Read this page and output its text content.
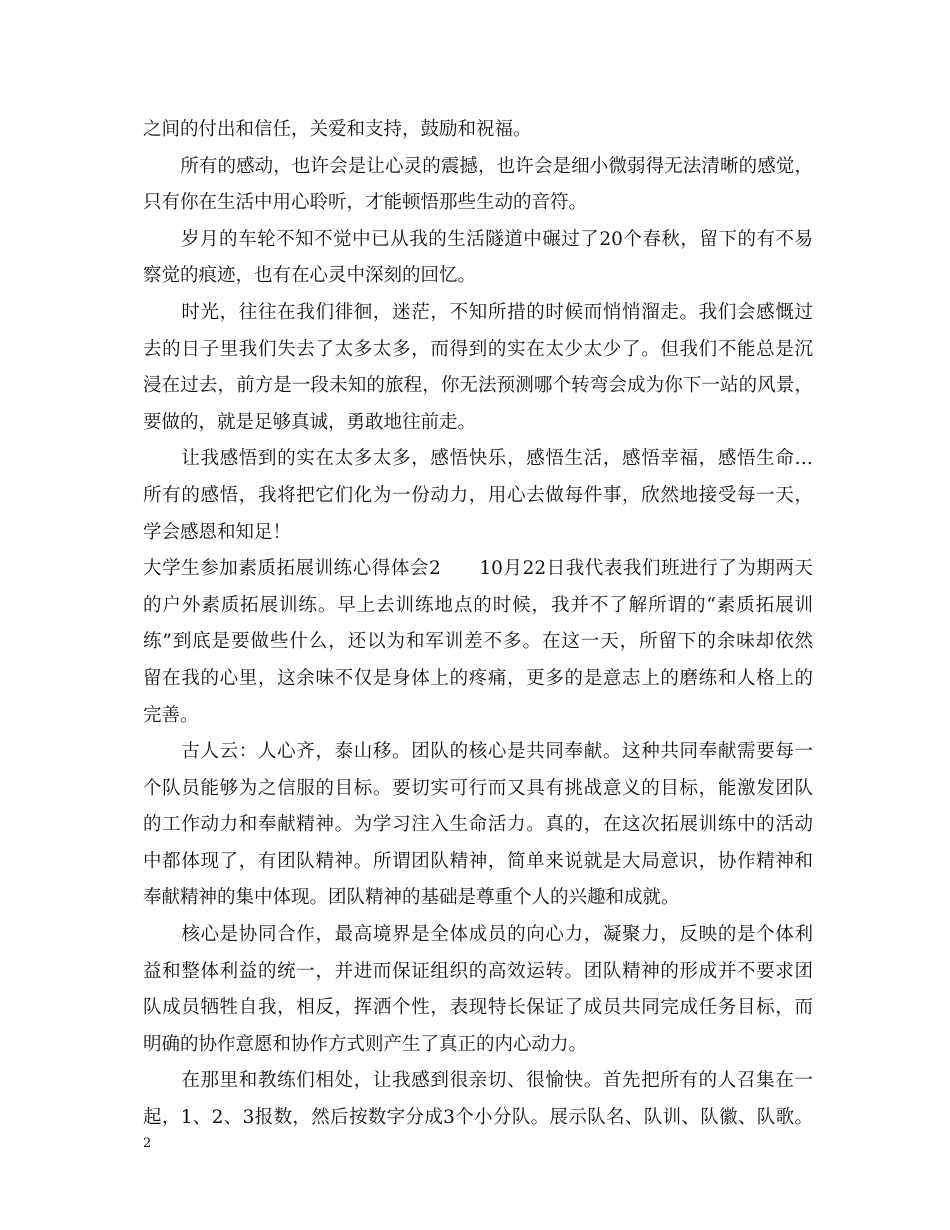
之间的付出和信任，关爱和支持，鼓励和祝福。
　　所有的感动，也许会是让心灵的震撼，也许会是细小微弱得无法清晰的感觉，
只有你在生活中用心聆听，才能顿悟那些生动的音符。
　　岁月的车轮不知不觉中已从我的生活隧道中碾过了20个春秋，留下的有不易
察觉的痕迹，也有在心灵中深刻的回忆。
　　时光，往往在我们徘徊，迷茫，不知所措的时候而悄悄溜走。我们会感慨过
去的日子里我们失去了太多太多，而得到的实在太少太少了。但我们不能总是沉
浸在过去，前方是一段未知的旅程，你无法预测哪个转弯会成为你下一站的风景，
要做的，就是足够真诚，勇敢地往前走。
　　让我感悟到的实在太多太多，感悟快乐，感悟生活，感悟幸福，感悟生命…
所有的感悟，我将把它们化为一份动力，用心去做每件事，欣然地接受每一天，
学会感恩和知足！
大学生参加素质拓展训练心得体会2　　10月22日我代表我们班进行了为期两天
的户外素质拓展训练。早上去训练地点的时候，我并不了解所谓的“素质拓展训
练”到底是要做些什么，还以为和军训差不多。在这一天，所留下的余味却依然
留在我的心里，这余味不仅是身体上的疼痛，更多的是意志上的磨练和人格上的
完善。
　　古人云：人心齐，泰山移。团队的核心是共同奉献。这种共同奉献需要每一
个队员能够为之信服的目标。要切实可行而又具有挑战意义的目标，能激发团队
的工作动力和奉献精神。为学习注入生命活力。真的，在这次拓展训练中的活动
中都体现了，有团队精神。所谓团队精神，简单来说就是大局意识，协作精神和
奉献精神的集中体现。团队精神的基础是尊重个人的兴趣和成就。
　　核心是协同合作，最高境界是全体成员的向心力，凝聚力，反映的是个体利
益和整体利益的统一，并进而保证组织的高效运转。团队精神的形成并不要求团
队成员牺牲自我，相反，挥洒个性，表现特长保证了成员共同完成任务目标，而
明确的协作意愿和协作方式则产生了真正的内心动力。
　　在那里和教练们相处，让我感到很亲切、很愉快。首先把所有的人召集在一
起，1、2、3报数，然后按数字分成3个小分队。展示队名、队训、队徽、队歌。
2
